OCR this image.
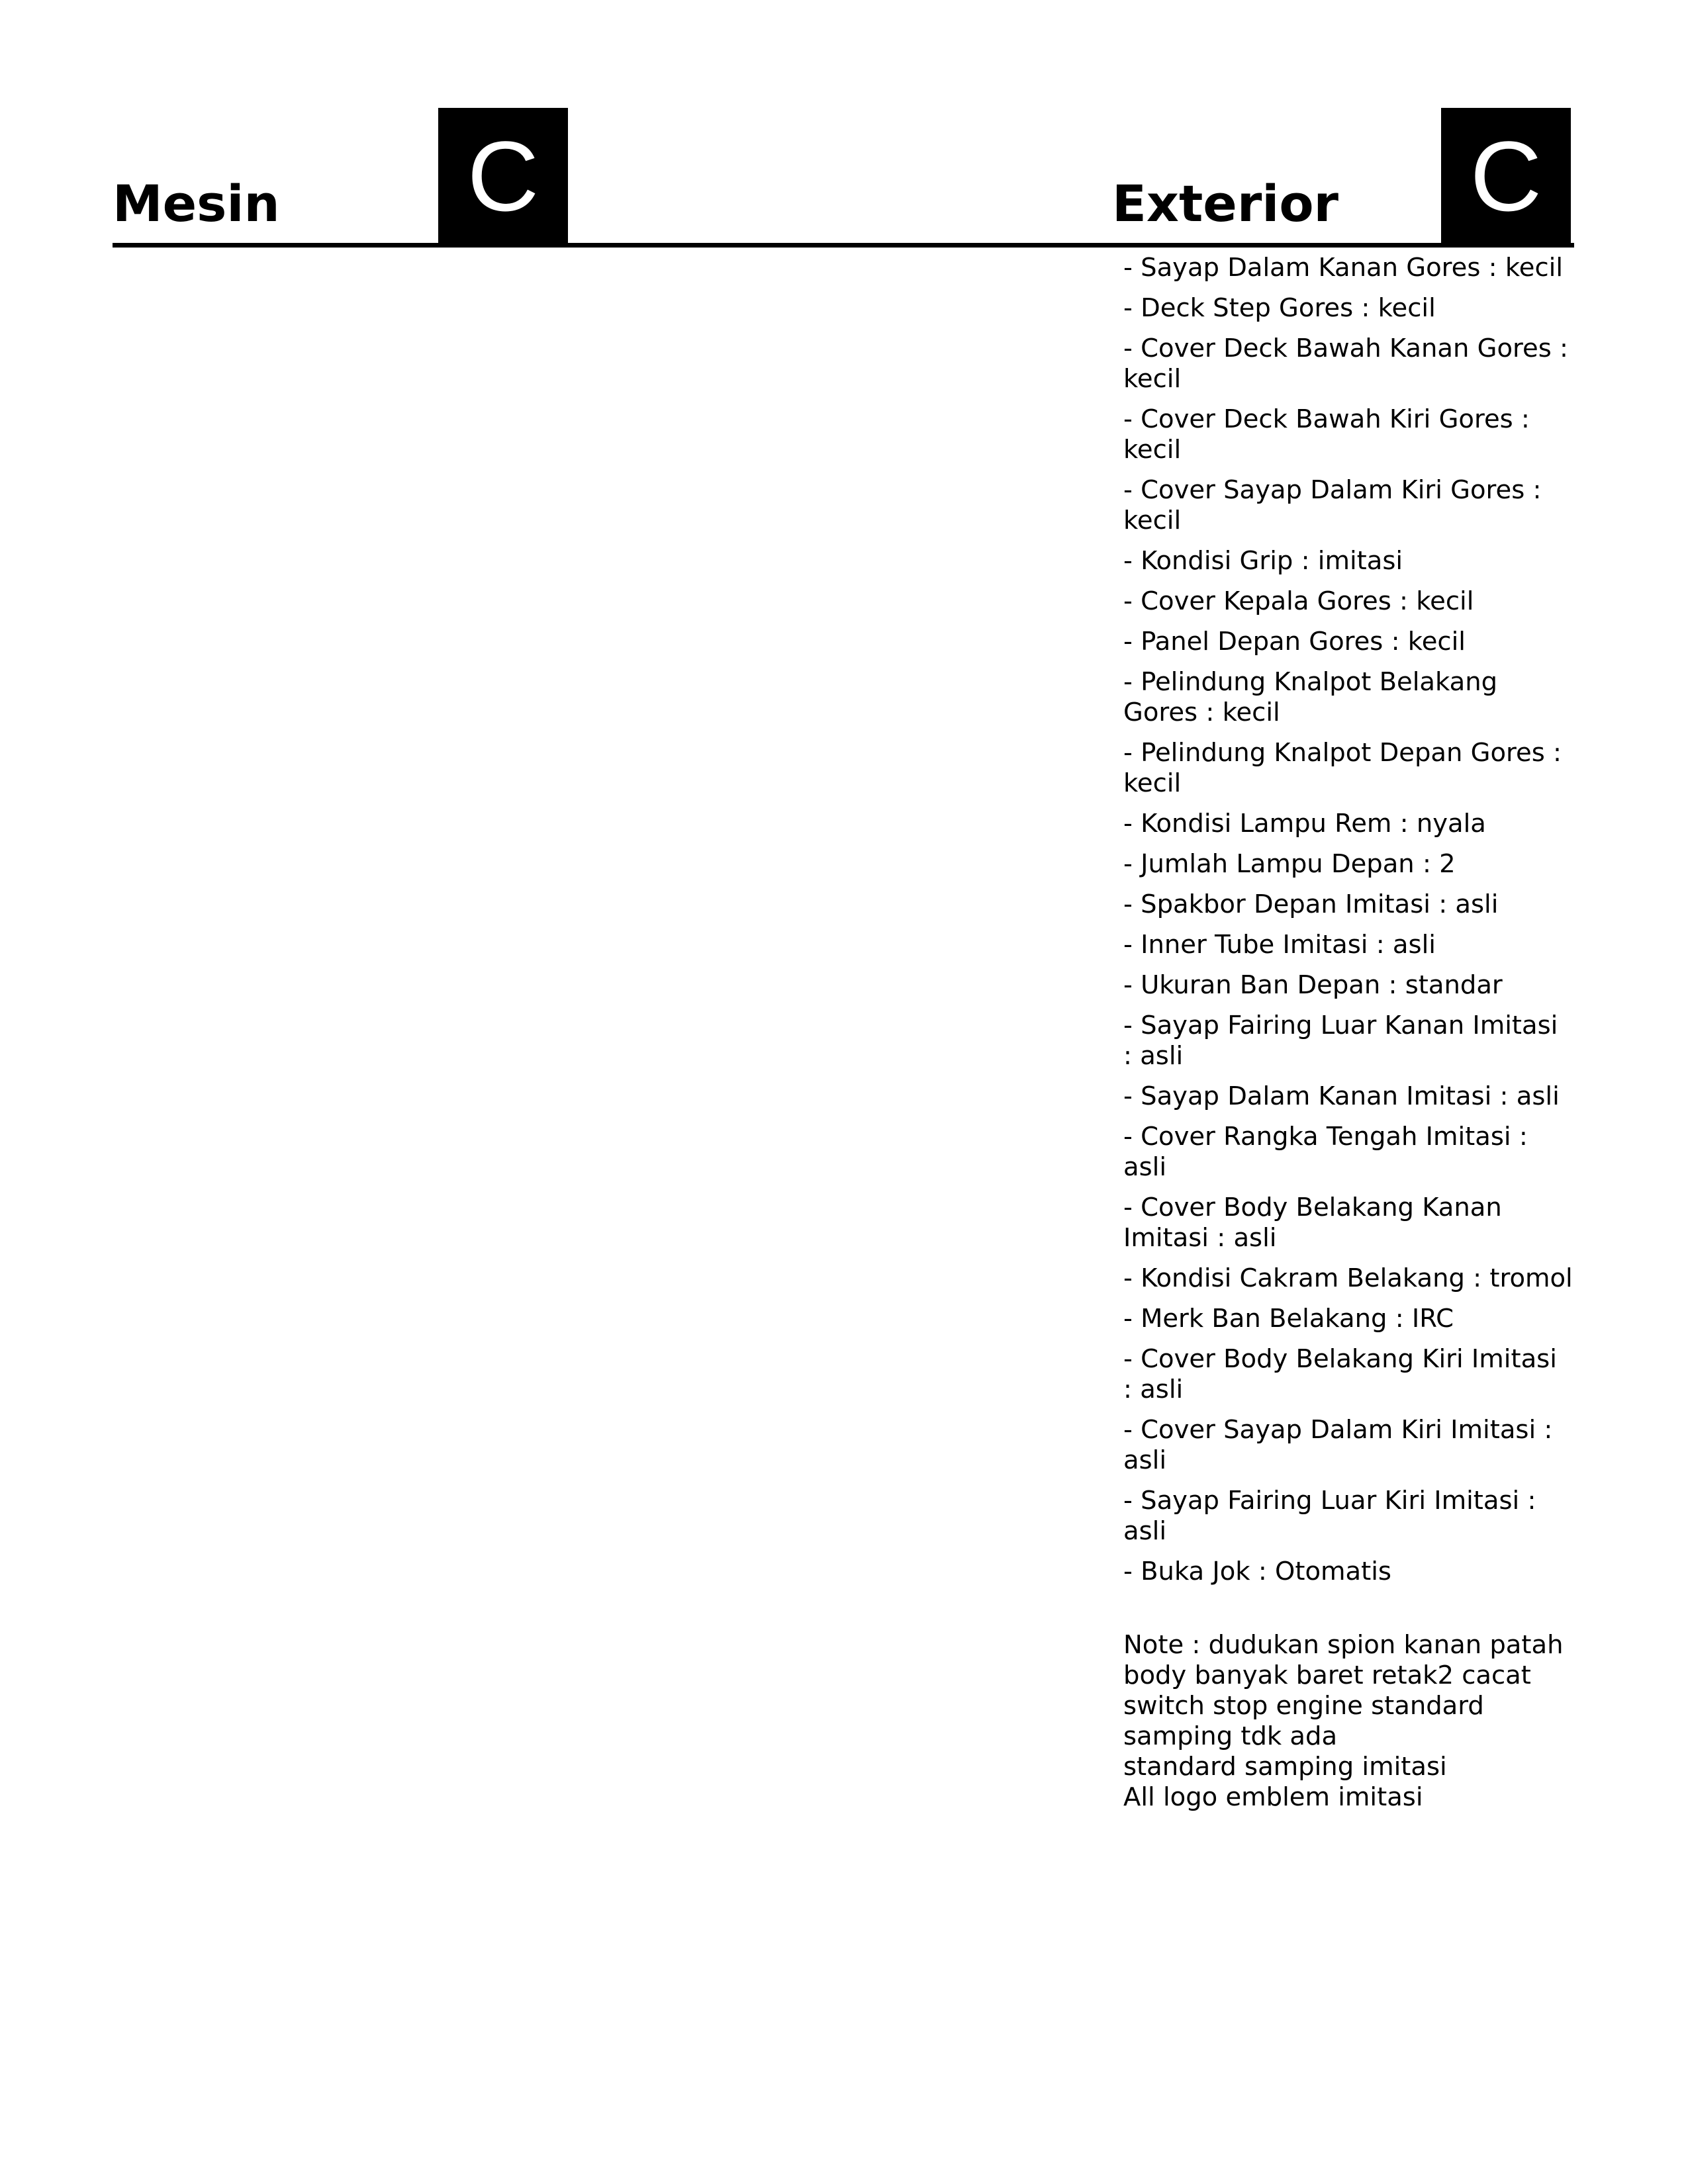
Mesin C	Exterior C
- Sayap Dalam Kanan Gores : kecil
- Deck Step Gores : kecil
- Cover Deck Bawah Kanan Gores : kecil
- Cover Deck Bawah Kiri Gores : kecil
- Cover Sayap Dalam Kiri Gores : kecil
- Kondisi Grip : imitasi
- Cover Kepala Gores : kecil
- Panel Depan Gores : kecil
- Pelindung Knalpot Belakang Gores : kecil
- Pelindung Knalpot Depan Gores : kecil
- Kondisi Lampu Rem : nyala
- Jumlah Lampu Depan : 2
- Spakbor Depan Imitasi : asli
- Inner Tube Imitasi : asli
- Ukuran Ban Depan : standar
- Sayap Fairing Luar Kanan Imitasi : asli
- Sayap Dalam Kanan Imitasi : asli
- Cover Rangka Tengah Imitasi : asli
- Cover Body Belakang Kanan Imitasi : asli
- Kondisi Cakram Belakang : tromol
- Merk Ban Belakang : IRC
- Cover Body Belakang Kiri Imitasi : asli
- Cover Sayap Dalam Kiri Imitasi : asli
- Sayap Fairing Luar Kiri Imitasi : asli
- Buka Jok : Otomatis
Note : dudukan spion kanan patah
body banyak baret retak2 cacat
switch stop engine standard
samping tdk ada
standard samping imitasi
All logo emblem imitasi
